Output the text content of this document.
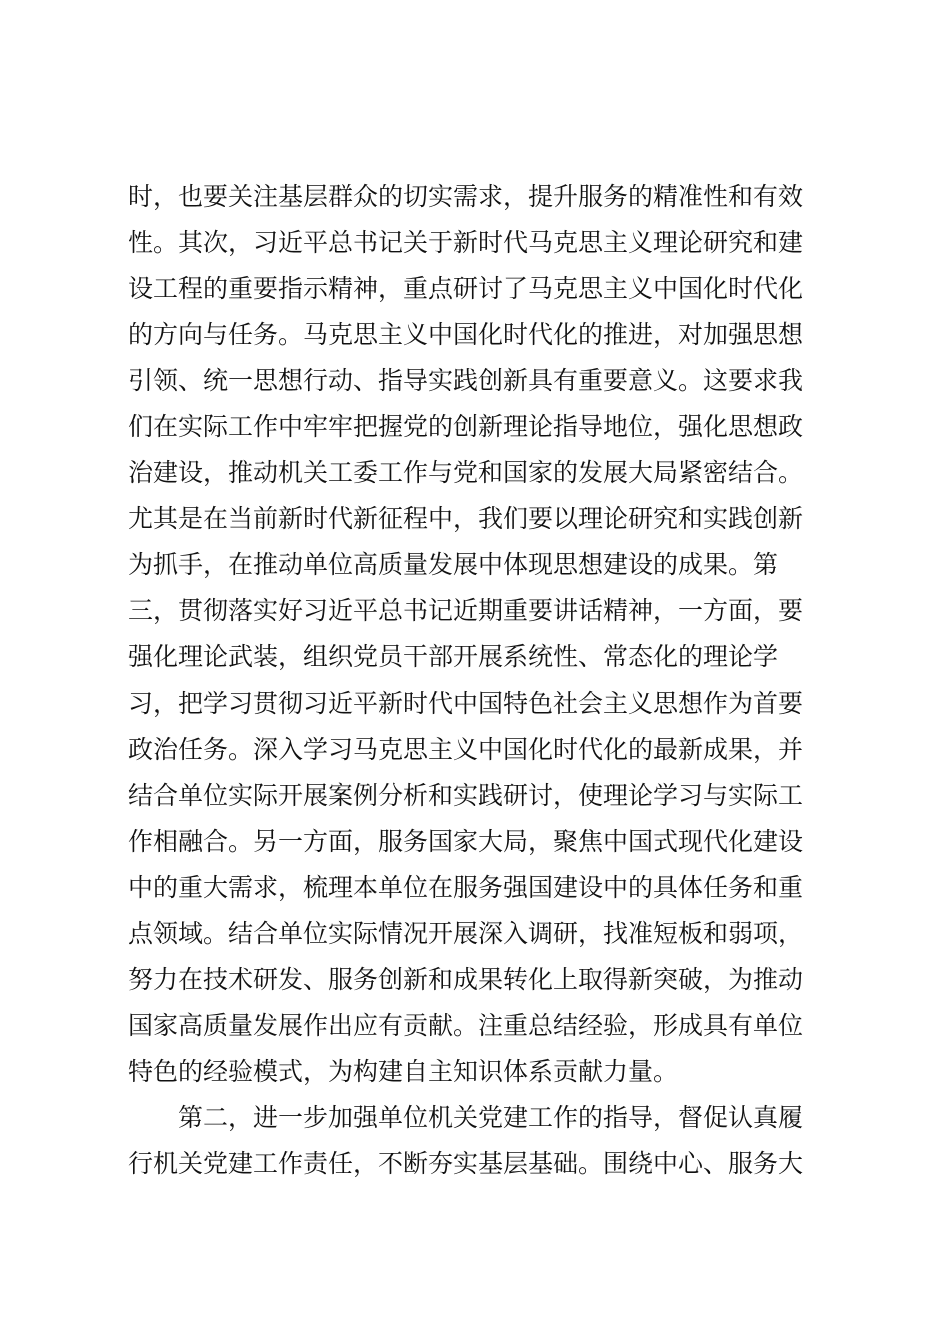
时，也要关注基层群众的切实需求，提升服务的精准性和有效
性。其次，习近平总书记关于新时代马克思主义理论研究和建
设工程的重要指示精神，重点研讨了马克思主义中国化时代化
的方向与任务。马克思主义中国化时代化的推进，对加强思想
引领、统一思想行动、指导实践创新具有重要意义。这要求我
们在实际工作中牢牢把握党的创新理论指导地位，强化思想政
治建设，推动机关工委工作与党和国家的发展大局紧密结合。
尤其是在当前新时代新征程中，我们要以理论研究和实践创新
为抓手，在推动单位高质量发展中体现思想建设的成果。第
三，贯彻落实好习近平总书记近期重要讲话精神，一方面，要
强化理论武装，组织党员干部开展系统性、常态化的理论学
习，把学习贯彻习近平新时代中国特色社会主义思想作为首要
政治任务。深入学习马克思主义中国化时代化的最新成果，并
结合单位实际开展案例分析和实践研讨，使理论学习与实际工
作相融合。另一方面，服务国家大局，聚焦中国式现代化建设
中的重大需求，梳理本单位在服务强国建设中的具体任务和重
点领域。结合单位实际情况开展深入调研，找准短板和弱项，
努力在技术研发、服务创新和成果转化上取得新突破，为推动
国家高质量发展作出应有贡献。注重总结经验，形成具有单位
特色的经验模式，为构建自主知识体系贡献力量。
第二，进一步加强单位机关党建工作的指导，督促认真履
行机关党建工作责任，不断夯实基层基础。围绕中心、服务大
